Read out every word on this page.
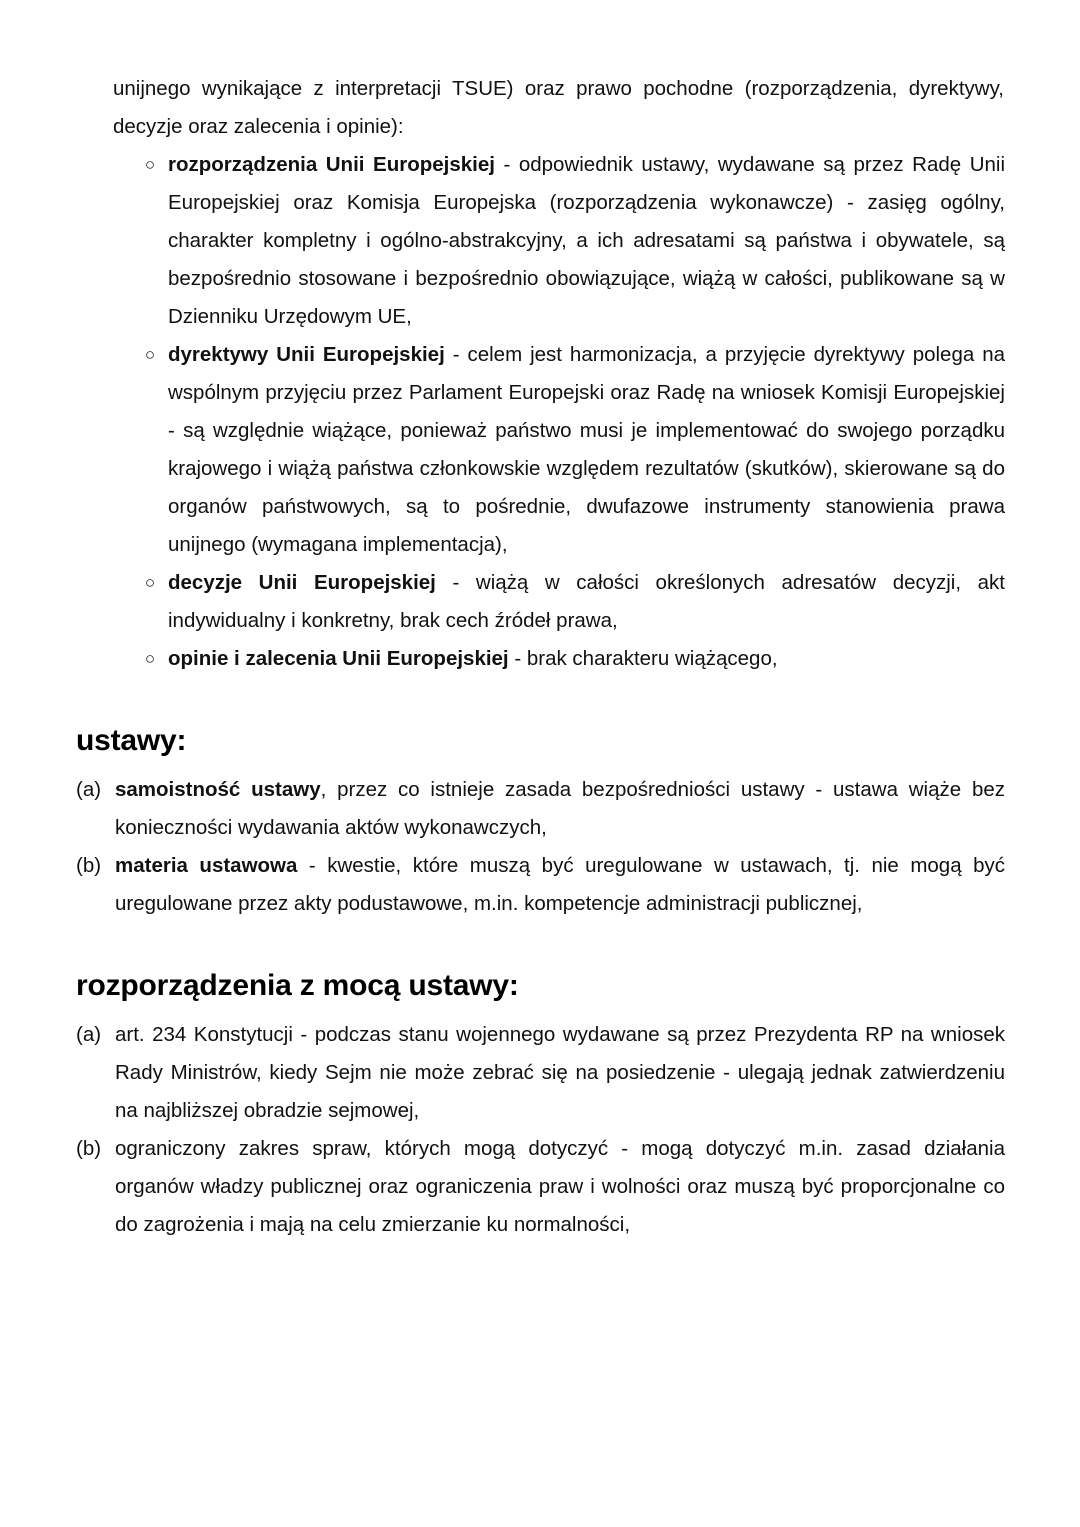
unijnego wynikające z interpretacji TSUE) oraz prawo pochodne (rozporządzenia, dyrektywy, decyzje oraz zalecenia i opinie):

○ rozporządzenia Unii Europejskiej - odpowiednik ustawy, wydawane są przez Radę Unii Europejskiej oraz Komisja Europejska (rozporządzenia wykonawcze) - zasięg ogólny, charakter kompletny i ogólno-abstrakcyjny, a ich adresatami są państwa i obywatele, są bezpośrednio stosowane i bezpośrednio obowiązujące, wiążą w całości, publikowane są w Dzienniku Urzędowym UE,
○ dyrektywy Unii Europejskiej - celem jest harmonizacja, a przyjęcie dyrektywy polega na wspólnym przyjęciu przez Parlament Europejski oraz Radę na wniosek Komisji Europejskiej - są względnie wiążące, ponieważ państwo musi je implementować do swojego porządku krajowego i wiążą państwa członkowskie względem rezultatów (skutków), skierowane są do organów państwowych, są to pośrednie, dwufazowe instrumenty stanowienia prawa unijnego (wymagana implementacja),
○ decyzje Unii Europejskiej - wiążą w całości określonych adresatów decyzji, akt indywidualny i konkretny, brak cech źródeł prawa,
○ opinie i zalecenia Unii Europejskiej - brak charakteru wiążącego,
ustawy:
(a) samoistność ustawy, przez co istnieje zasada bezpośredniości ustawy - ustawa wiąże bez konieczności wydawania aktów wykonawczych,
(b) materia ustawowa - kwestie, które muszą być uregulowane w ustawach, tj. nie mogą być uregulowane przez akty podustawowe, m.in. kompetencje administracji publicznej,
rozporządzenia z mocą ustawy:
(a) art. 234 Konstytucji - podczas stanu wojennego wydawane są przez Prezydenta RP na wniosek Rady Ministrów, kiedy Sejm nie może zebrać się na posiedzenie - ulegają jednak zatwierdzeniu na najbliższej obradzie sejmowej,
(b) ograniczony zakres spraw, których mogą dotyczyć - mogą dotyczyć m.in. zasad działania organów władzy publicznej oraz ograniczenia praw i wolności oraz muszą być proporcjonalne co do zagrożenia i mają na celu zmierzanie ku normalności,
